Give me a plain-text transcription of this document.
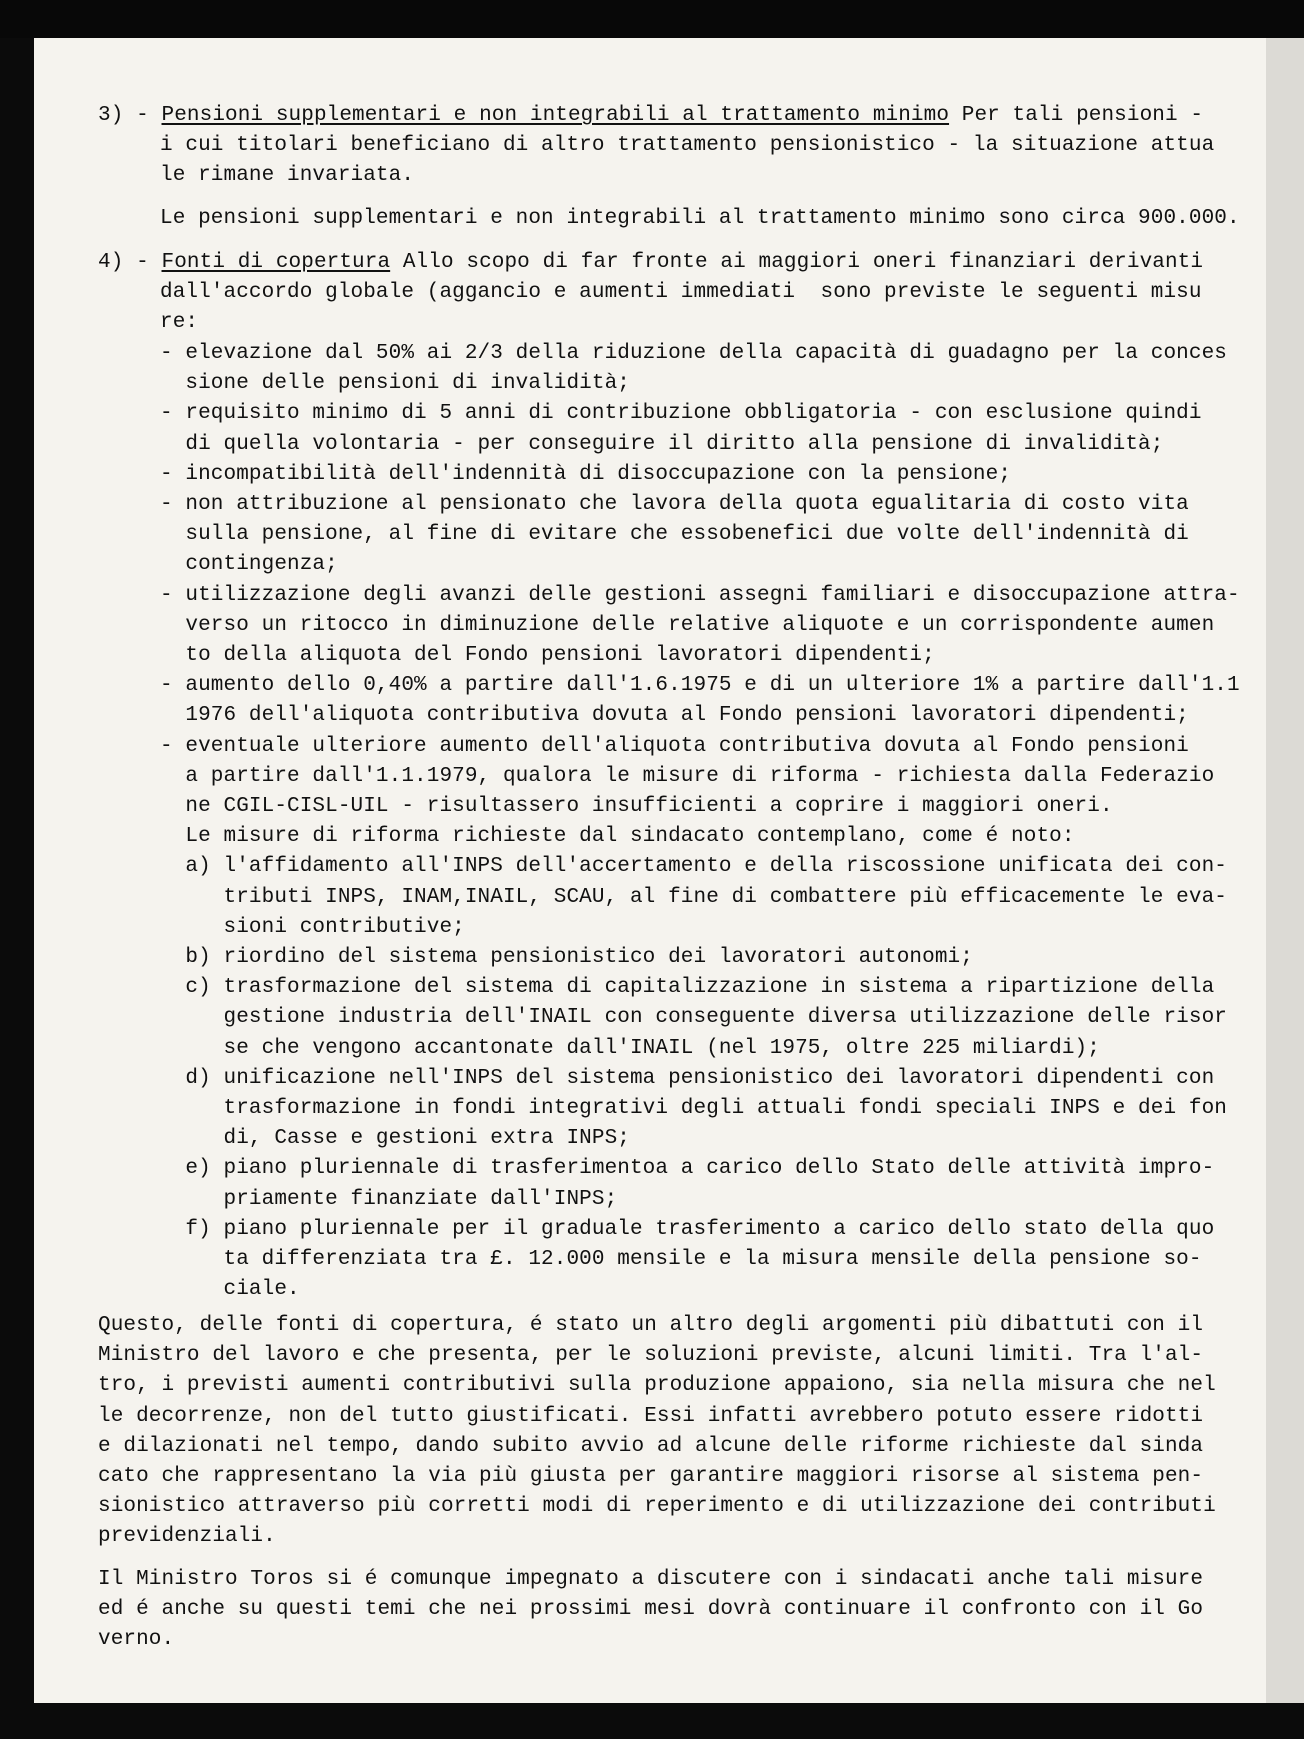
3) - Pensioni supplementari e non integrabili al trattamento minimo Per tali pensioni -
i cui titolari beneficiano di altro trattamento pensionistico - la situazione attua
le rimane invariata.
Le pensioni supplementari e non integrabili al trattamento minimo sono circa 900.000.
4) - Fonti di copertura Allo scopo di far fronte ai maggiori oneri finanziari derivanti
dall'accordo globale (aggancio e aumenti immediati  sono previste le seguenti misu
re:
- elevazione dal 50% ai 2/3 della riduzione della capacità di guadagno per la conces
sione delle pensioni di invalidità;
- requisito minimo di 5 anni di contribuzione obbligatoria - con esclusione quindi
di quella volontaria - per conseguire il diritto alla pensione di invalidità;
- incompatibilità dell'indennità di disoccupazione con la pensione;
- non attribuzione al pensionato che lavora della quota egualitaria di costo vita
sulla pensione, al fine di evitare che essobenefici due volte dell'indennità di
contingenza;
- utilizzazione degli avanzi delle gestioni assegni familiari e disoccupazione attra-
verso un ritocco in diminuzione delle relative aliquote e un corrispondente aumen
to della aliquota del Fondo pensioni lavoratori dipendenti;
- aumento dello 0,40% a partire dall'1.6.1975 e di un ulteriore 1% a partire dall'1.1
1976 dell'aliquota contributiva dovuta al Fondo pensioni lavoratori dipendenti;
- eventuale ulteriore aumento dell'aliquota contributiva dovuta al Fondo pensioni
a partire dall'1.1.1979, qualora le misure di riforma - richiesta dalla Federazio
ne CGIL-CISL-UIL - risultassero insufficienti a coprire i maggiori oneri.
Le misure di riforma richieste dal sindacato contemplano, come é noto:
a) l'affidamento all'INPS dell'accertamento e della riscossione unificata dei con-
tributi INPS, INAM,INAIL, SCAU, al fine di combattere più efficacemente le eva-
sioni contributive;
b) riordino del sistema pensionistico dei lavoratori autonomi;
c) trasformazione del sistema di capitalizzazione in sistema a ripartizione della
gestione industria dell'INAIL con conseguente diversa utilizzazione delle risor
se che vengono accantonate dall'INAIL (nel 1975, oltre 225 miliardi);
d) unificazione nell'INPS del sistema pensionistico dei lavoratori dipendenti con
trasformazione in fondi integrativi degli attuali fondi speciali INPS e dei fon
di, Casse e gestioni extra INPS;
e) piano pluriennale di trasferimentoa a carico dello Stato delle attività impro-
priamente finanziate dall'INPS;
f) piano pluriennale per il graduale trasferimento a carico dello stato della quo
ta differenziata tra £. 12.000 mensile e la misura mensile della pensione so-
ciale.
Questo, delle fonti di copertura, é stato un altro degli argomenti più dibattuti con il
Ministro del lavoro e che presenta, per le soluzioni previste, alcuni limiti. Tra l'al-
tro, i previsti aumenti contributivi sulla produzione appaiono, sia nella misura che nel
le decorrenze, non del tutto giustificati. Essi infatti avrebbero potuto essere ridotti
e dilazionati nel tempo, dando subito avvio ad alcune delle riforme richieste dal sinda
cato che rappresentano la via più giusta per garantire maggiori risorse al sistema pen-
sionistico attraverso più corretti modi di reperimento e di utilizzazione dei contributi
previdenziali.
Il Ministro Toros si é comunque impegnato a discutere con i sindacati anche tali misure
ed é anche su questi temi che nei prossimi mesi dovrà continuare il confronto con il Go
verno.
